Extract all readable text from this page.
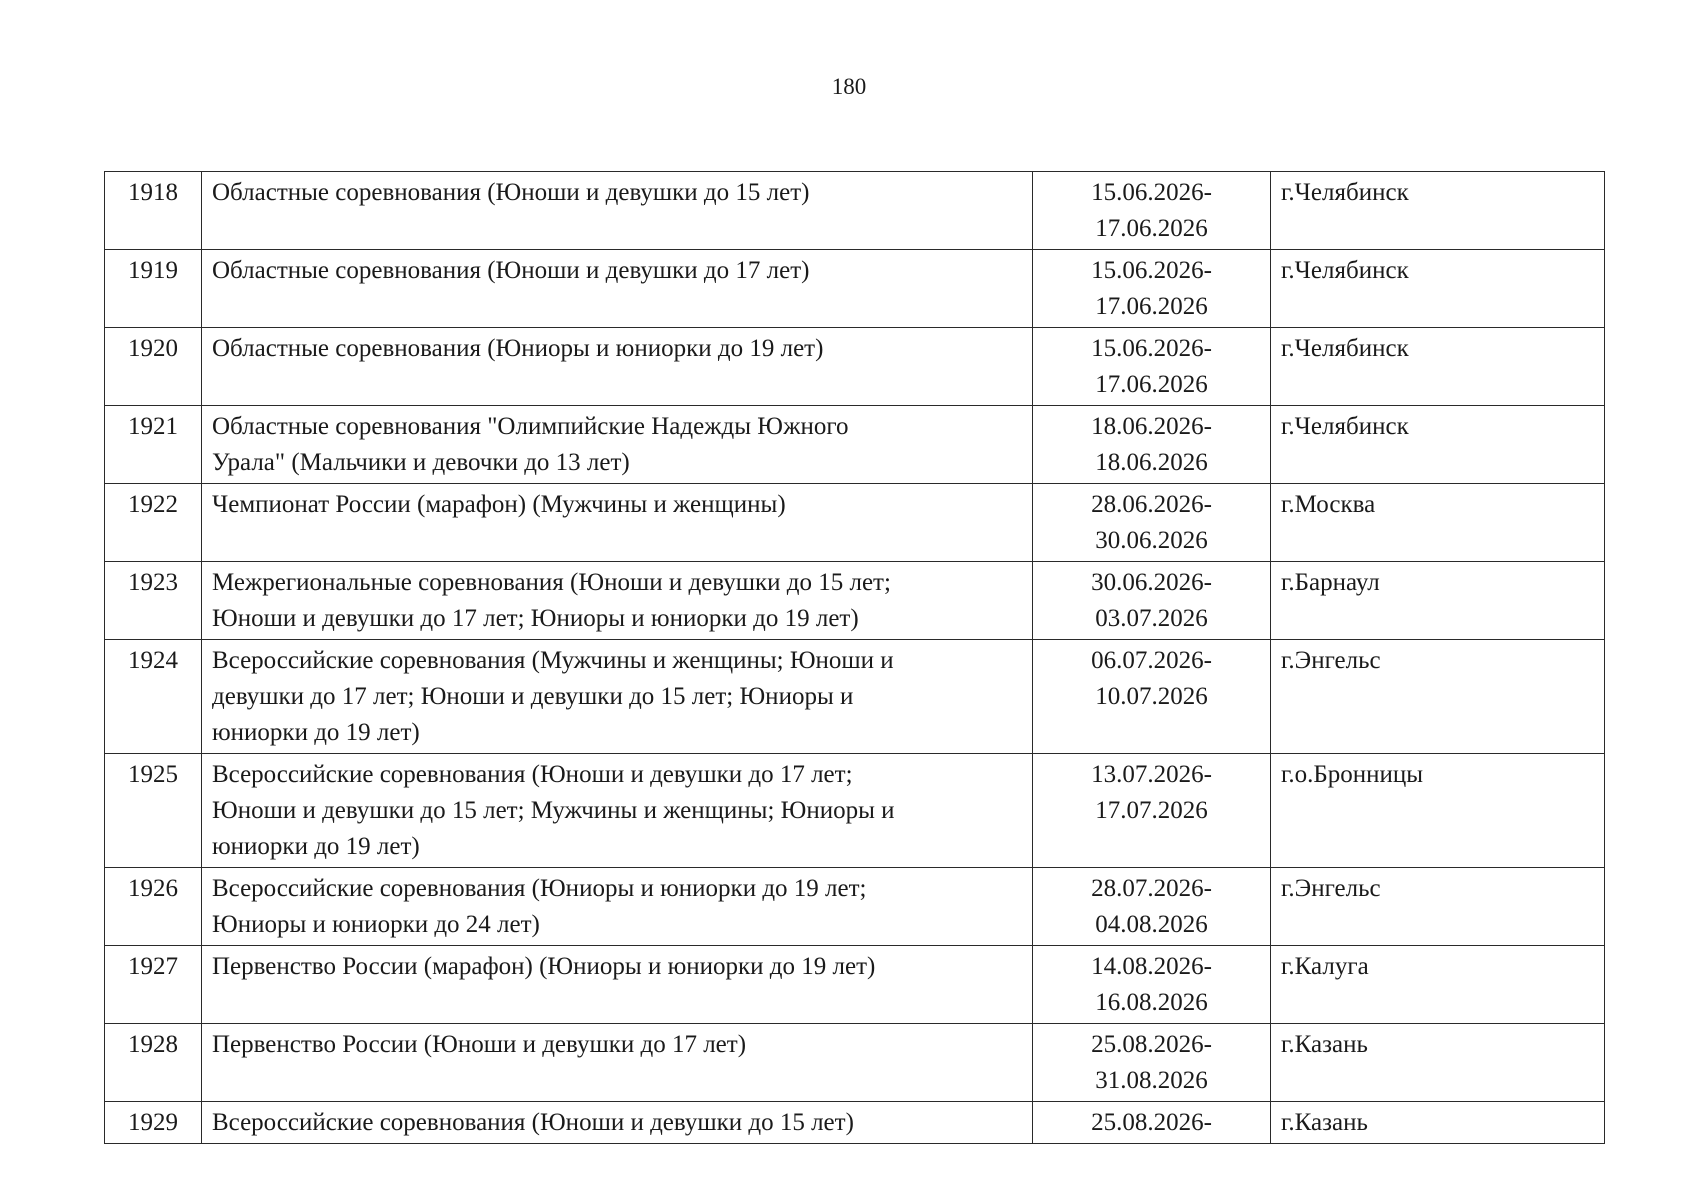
180
1918	Областные соревнования (Юноши и девушки до 15 лет)	15.06.2026-
17.06.2026	г.Челябинск
1919	Областные соревнования (Юноши и девушки до 17 лет)	15.06.2026-
17.06.2026	г.Челябинск
1920	Областные соревнования (Юниоры и юниорки до 19 лет)	15.06.2026-
17.06.2026	г.Челябинск
1921	Областные соревнования "Олимпийские Надежды Южного
Урала" (Мальчики и девочки до 13 лет)	18.06.2026-
18.06.2026	г.Челябинск
1922	Чемпионат России (марафон) (Мужчины и женщины)	28.06.2026-
30.06.2026	г.Москва
1923	Межрегиональные соревнования (Юноши и девушки до 15 лет;
Юноши и девушки до 17 лет; Юниоры и юниорки до 19 лет)	30.06.2026-
03.07.2026	г.Барнаул
1924	Всероссийские соревнования (Мужчины и женщины; Юноши и
девушки до 17 лет; Юноши и девушки до 15 лет; Юниоры и
юниорки до 19 лет)	06.07.2026-
10.07.2026	г.Энгельс
1925	Всероссийские соревнования (Юноши и девушки до 17 лет;
Юноши и девушки до 15 лет; Мужчины и женщины; Юниоры и
юниорки до 19 лет)	13.07.2026-
17.07.2026	г.о.Бронницы
1926	Всероссийские соревнования (Юниоры и юниорки до 19 лет;
Юниоры и юниорки до 24 лет)	28.07.2026-
04.08.2026	г.Энгельс
1927	Первенство России (марафон) (Юниоры и юниорки до 19 лет)	14.08.2026-
16.08.2026	г.Калуга
1928	Первенство России (Юноши и девушки до 17 лет)	25.08.2026-
31.08.2026	г.Казань
1929	Всероссийские соревнования (Юноши и девушки до 15 лет)	25.08.2026-	г.Казань
